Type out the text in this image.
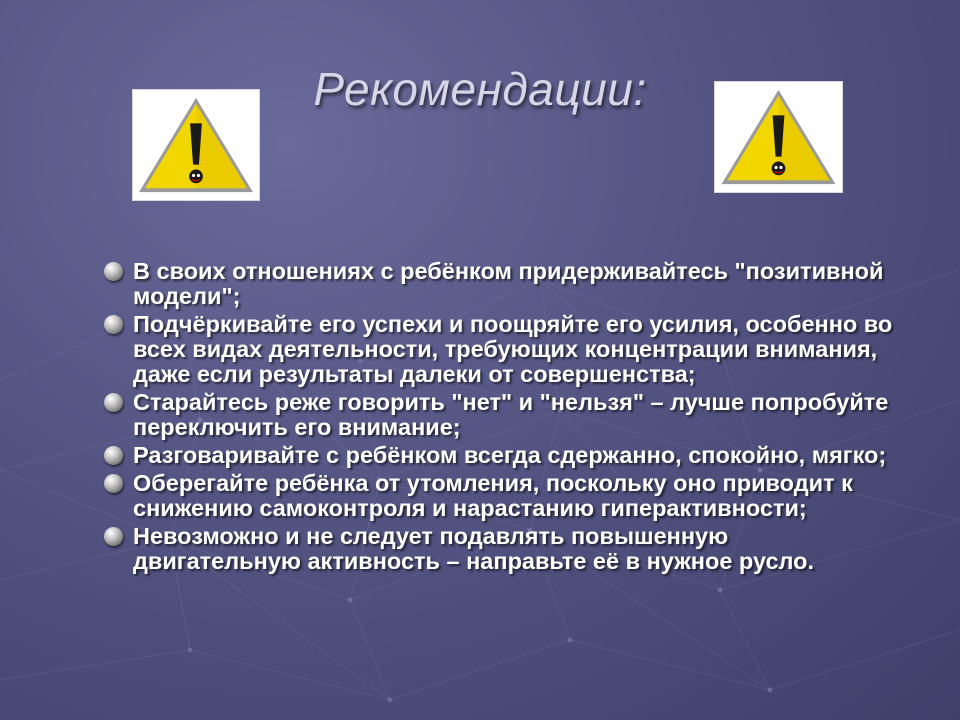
Рекомендации:
В своих отношениях с ребёнком придерживайтесь "позитивной модели";
Подчёркивайте его успехи и поощряйте его усилия, особенно во всех видах деятельности, требующих концентрации внимания, даже если результаты далеки от совершенства;
Старайтесь реже говорить "нет" и "нельзя" – лучше попробуйте переключить его внимание;
Разговаривайте с ребёнком всегда сдержанно, спокойно, мягко;
Оберегайте ребёнка от утомления, поскольку оно приводит к снижению самоконтроля и нарастанию гиперактивности;
Невозможно и не следует подавлять повышенную двигательную активность – направьте её в нужное русло.
